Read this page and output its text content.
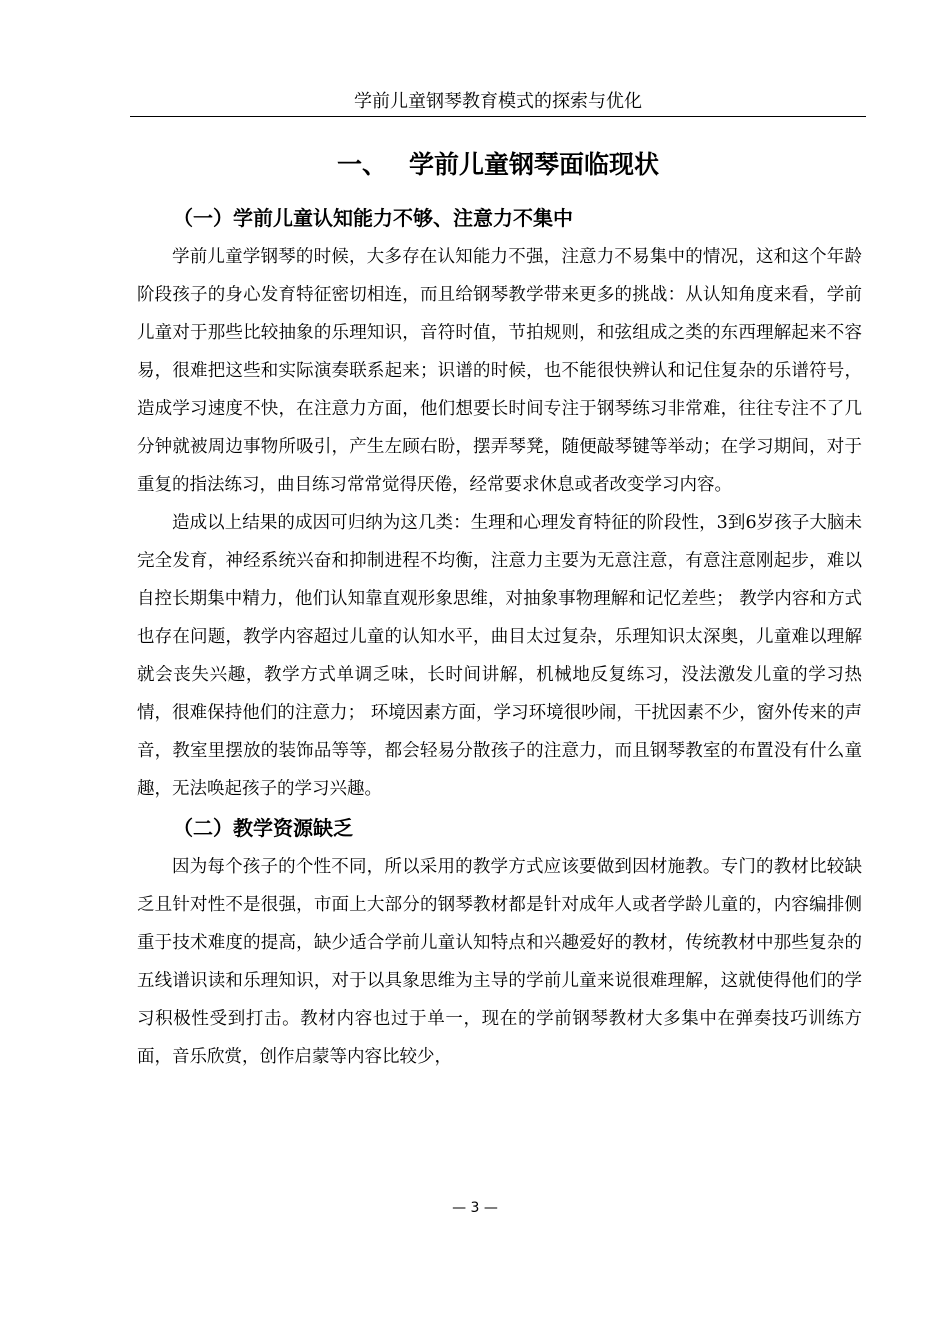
学前儿童钢琴教育模式的探索与优化
一、 学前儿童钢琴面临现状
（一）学前儿童认知能力不够、注意力不集中

学前儿童学钢琴的时候，大多存在认知能力不强，注意力不易集中的情况，这和这个年龄阶段孩子的身心发育特征密切相连，而且给钢琴教学带来更多的挑战：从认知角度来看，学前儿童对于那些比较抽象的乐理知识，音符时值，节拍规则，和弦组成之类的东西理解起来不容易，很难把这些和实际演奏联系起来；识谱的时候，也不能很快辨认和记住复杂的乐谱符号，造成学习速度不快，在注意力方面，他们想要长时间专注于钢琴练习非常难，往往专注不了几分钟就被周边事物所吸引，产生左顾右盼，摆弄琴凳，随便敲琴键等举动；在学习期间，对于重复的指法练习，曲目练习常常觉得厌倦，经常要求休息或者改变学习内容。

造成以上结果的成因可归纳为这几类：生理和心理发育特征的阶段性，3到6岁孩子大脑未完全发育，神经系统兴奋和抑制进程不均衡，注意力主要为无意注意，有意注意刚起步，难以自控长期集中精力，他们认知靠直观形象思维，对抽象事物理解和记忆差些； 教学内容和方式也存在问题，教学内容超过儿童的认知水平，曲目太过复杂，乐理知识太深奥，儿童难以理解就会丧失兴趣，教学方式单调乏味，长时间讲解，机械地反复练习，没法激发儿童的学习热情，很难保持他们的注意力； 环境因素方面，学习环境很吵闹，干扰因素不少，窗外传来的声音，教室里摆放的装饰品等等，都会轻易分散孩子的注意力，而且钢琴教室的布置没有什么童趣，无法唤起孩子的学习兴趣。

（二）教学资源缺乏

因为每个孩子的个性不同，所以采用的教学方式应该要做到因材施教。专门的教材比较缺乏且针对性不是很强，市面上大部分的钢琴教材都是针对成年人或者学龄儿童的，内容编排侧重于技术难度的提高，缺少适合学前儿童认知特点和兴趣爱好的教材，传统教材中那些复杂的五线谱识读和乐理知识，对于以具象思维为主导的学前儿童来说很难理解，这就使得他们的学习积极性受到打击。教材内容也过于单一，现在的学前钢琴教材大多集中在弹奏技巧训练方面，音乐欣赏，创作启蒙等内容比较少，

— 3 —
